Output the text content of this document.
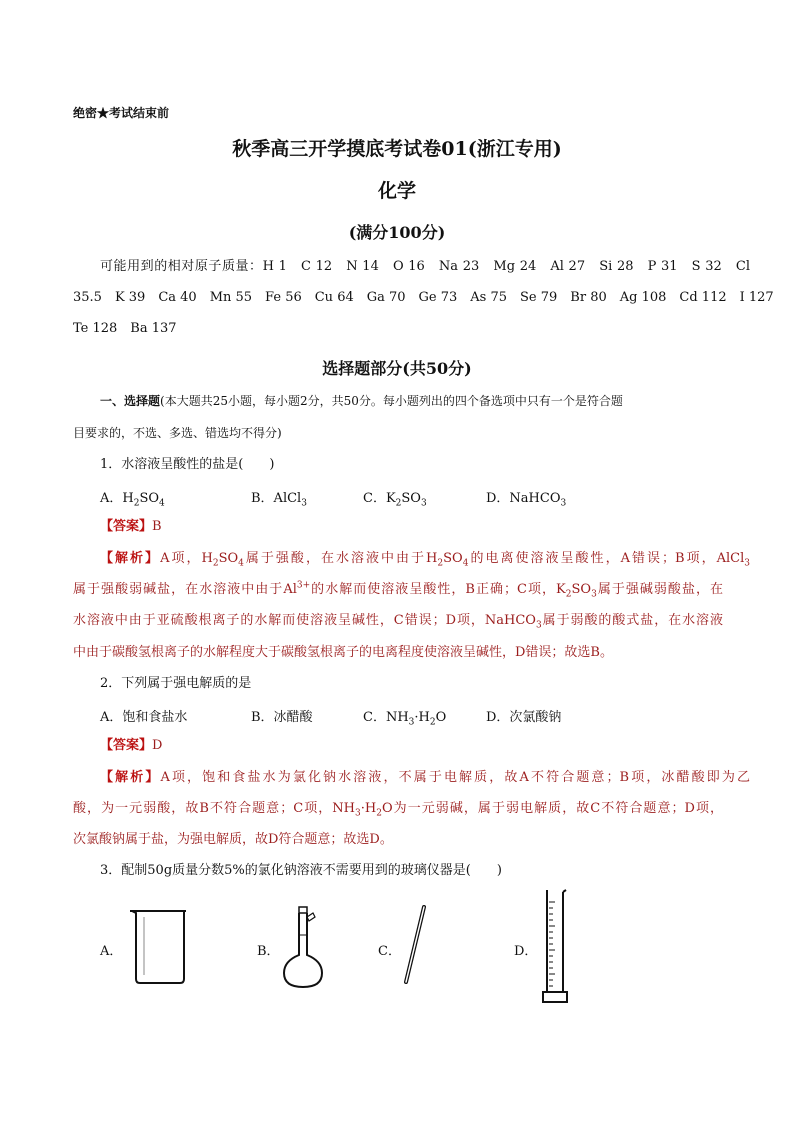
绝密★考试结束前
秋季高三开学摸底考试卷01(浙江专用)
化学
(满分100分)
可能用到的相对原子质量：H 1　C 12　N 14　O 16　Na 23　Mg 24　Al 27　Si 28　P 31　S 32　Cl
35.5　K 39　Ca 40　Mn 55　Fe 56　Cu 64　Ga 70　Ge 73　As 75　Se 79　Br 80　Ag 108　Cd 112　I 127
Te 128　Ba 137
选择题部分(共50分)
一、选择题(本大题共25小题，每小题2分，共50分。每小题列出的四个备选项中只有一个是符合题
目要求的，不选、多选、错选均不得分)
1．水溶液呈酸性的盐是(　　)
A．$H_2SO_4$	B．AlCl$_3$	C．$K_2SO_3$	D．NaHCO$_3$
【答案】B
【解析】A项，$H_2SO_4$属于强酸，在水溶液中由于$H_2SO_4$的电离使溶液呈酸性，A错误；B项，AlCl$_3$
属于强酸弱碱盐，在水溶液中由于$Al^{3+}$的水解而使溶液呈酸性，B正确；C项，$K_2SO_3$属于强碱弱酸盐，在
水溶液中由于亚硫酸根离子的水解而使溶液呈碱性，C错误；D项，NaHCO$_3$属于弱酸的酸式盐，在水溶液
中由于碳酸氢根离子的水解程度大于碳酸氢根离子的电离程度使溶液呈碱性，D错误；故选B。
2．下列属于强电解质的是
A．饱和食盐水	B．冰醋酸	C．$NH_3\cdot H_2O$	D．次氯酸钠
【答案】D
【解析】A项，饱和食盐水为氯化钠水溶液，不属于电解质，故A不符合题意；B项，冰醋酸即为乙
酸，为一元弱酸，故B不符合题意；C项，$NH_3\cdot H_2O$为一元弱碱，属于弱电解质，故C不符合题意；D项，
次氯酸钠属于盐，为强电解质，故D符合题意；故选D。
3．配制50g质量分数5%的氯化钠溶液不需要用到的玻璃仪器是(　　)
A．	B．	C．	D．
